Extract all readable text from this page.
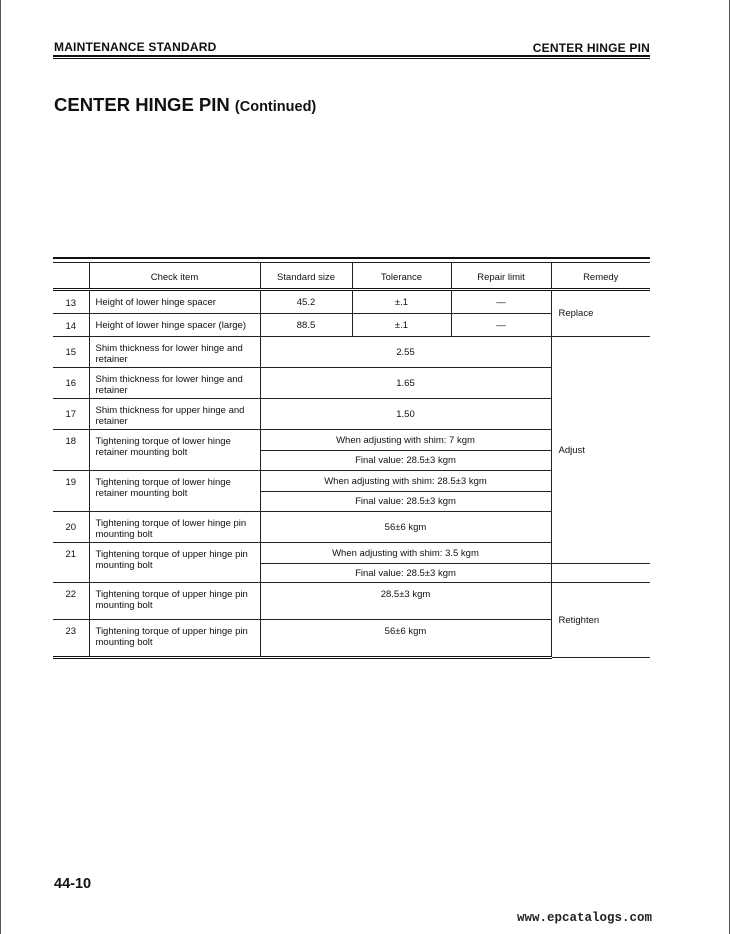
MAINTENANCE STANDARD	CENTER HINGE PIN
CENTER HINGE PIN (Continued)

	Check item	Standard size	Tolerance	Repair limit	Remedy
13	Height of lower hinge spacer	45.2	±.1	—	Replace
14	Height of lower hinge spacer (large)	88.5	±.1	—	
15	Shim thickness for lower hinge and retainer	2.55			Adjust
16	Shim thickness for lower hinge and retainer	1.65			
17	Shim thickness for upper hinge and retainer	1.50			
18	Tightening torque of lower hinge retainer mounting bolt	When adjusting with shim: 7 kgm			
		Final value: 28.5±3 kgm			
19	Tightening torque of lower hinge retainer mounting bolt	When adjusting with shim: 28.5±3 kgm			
		Final value: 28.5±3 kgm			
20	Tightening torque of lower hinge pin mounting bolt	56±6 kgm			
21	Tightening torque of upper hinge pin mounting bolt	When adjusting with shim: 3.5 kgm			
		Final value: 28.5±3 kgm			
22	Tightening torque of upper hinge pin mounting bolt	28.5±3 kgm			Retighten
23	Tightening torque of upper hinge pin mounting bolt	56±6 kgm			
44-10
www.epcatalogs.com
